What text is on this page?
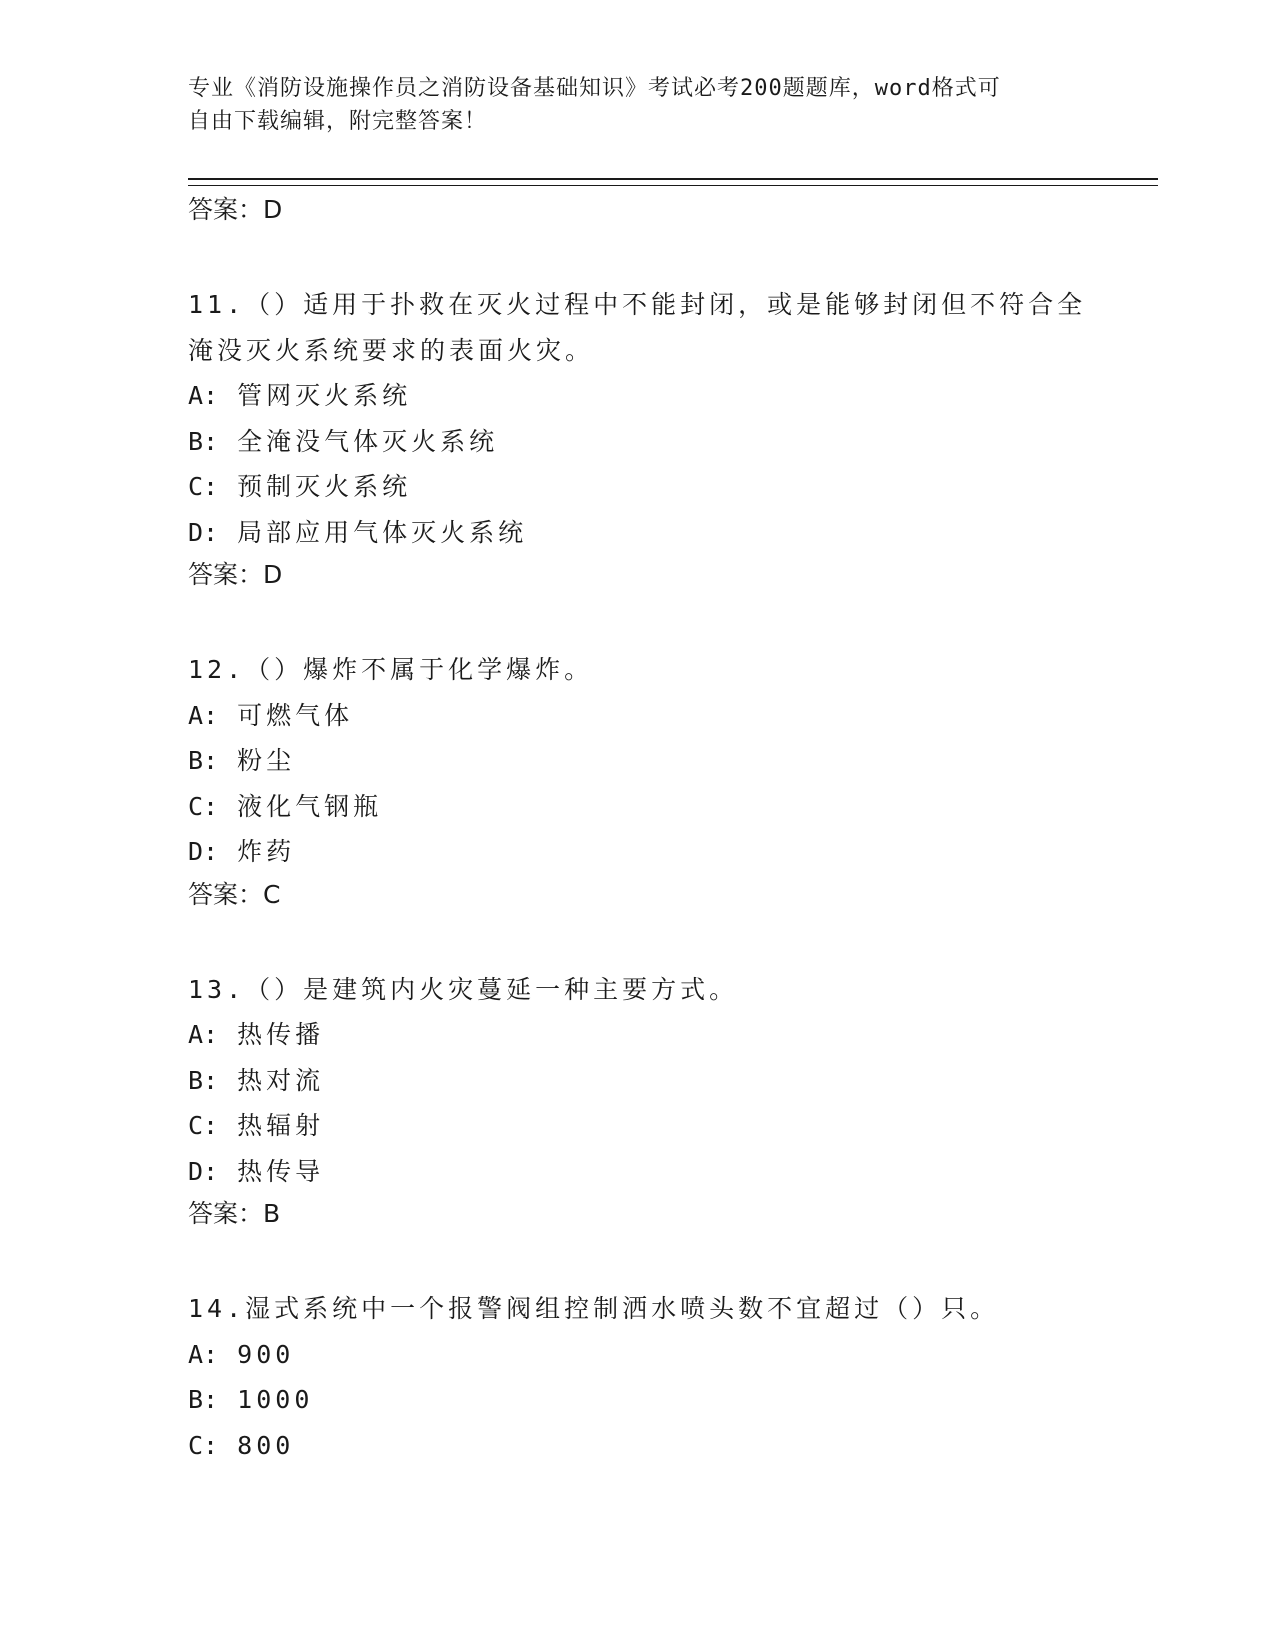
专业《消防设施操作员之消防设备基础知识》考试必考200题题库，word格式可
自由下载编辑，附完整答案！

答案：D

11.（）适用于扑救在灭火过程中不能封闭，或是能够封闭但不符合全淹没灭火系统要求的表面火灾。

A: 管网灭火系统

B: 全淹没气体灭火系统

C: 预制灭火系统

D: 局部应用气体灭火系统

答案：D

12.（）爆炸不属于化学爆炸。

A: 可燃气体

B: 粉尘

C: 液化气钢瓶

D: 炸药

答案：C

13.（）是建筑内火灾蔓延一种主要方式。

A: 热传播

B: 热对流

C: 热辐射

D: 热传导

答案：B

14.湿式系统中一个报警阀组控制洒水喷头数不宜超过（）只。

A: 900

B: 1000

C: 800
